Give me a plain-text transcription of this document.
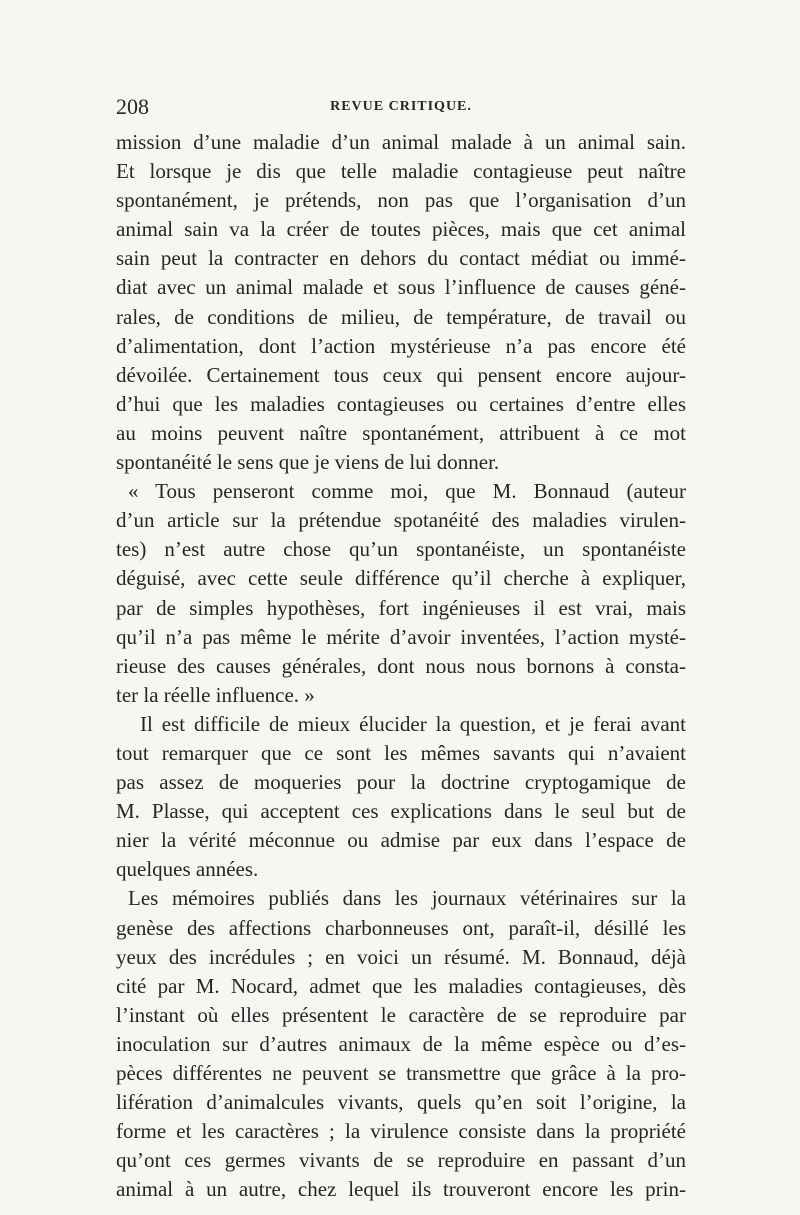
208	REVUE CRITIQUE.
mission d’une maladie d’un animal malade à un animal sain.
Et lorsque je dis que telle maladie contagieuse peut naître
spontanément, je prétends, non pas que l’organisation d’un
animal sain va la créer de toutes pièces, mais que cet animal
sain peut la contracter en dehors du contact médiat ou immé-
diat avec un animal malade et sous l’influence de causes géné-
rales, de conditions de milieu, de température, de travail ou
d’alimentation, dont l’action mystérieuse n’a pas encore été
dévoilée. Certainement tous ceux qui pensent encore aujour-
d’hui que les maladies contagieuses ou certaines d’entre elles
au moins peuvent naître spontanément, attribuent à ce mot
spontanéité le sens que je viens de lui donner.
« Tous penseront comme moi, que M. Bonnaud (auteur
d’un article sur la prétendue spotanéité des maladies virulen-
tes) n’est autre chose qu’un spontanéiste, un spontanéiste
déguisé, avec cette seule différence qu’il cherche à expliquer,
par de simples hypothèses, fort ingénieuses il est vrai, mais
qu’il n’a pas même le mérite d’avoir inventées, l’action mysté-
rieuse des causes générales, dont nous nous bornons à consta-
ter la réelle influence. »
Il est difficile de mieux élucider la question, et je ferai avant
tout remarquer que ce sont les mêmes savants qui n’avaient
pas assez de moqueries pour la doctrine cryptogamique de
M. Plasse, qui acceptent ces explications dans le seul but de
nier la vérité méconnue ou admise par eux dans l’espace de
quelques années.
Les mémoires publiés dans les journaux vétérinaires sur la
genèse des affections charbonneuses ont, paraît-il, désillé les
yeux des incrédules ; en voici un résumé. M. Bonnaud, déjà
cité par M. Nocard, admet que les maladies contagieuses, dès
l’instant où elles présentent le caractère de se reproduire par
inoculation sur d’autres animaux de la même espèce ou d’es-
pèces différentes ne peuvent se transmettre que grâce à la pro-
lifération d’animalcules vivants, quels qu’en soit l’origine, la
forme et les caractères ; la virulence consiste dans la propriété
qu’ont ces germes vivants de se reproduire en passant d’un
animal à un autre, chez lequel ils trouveront encore les prin-
